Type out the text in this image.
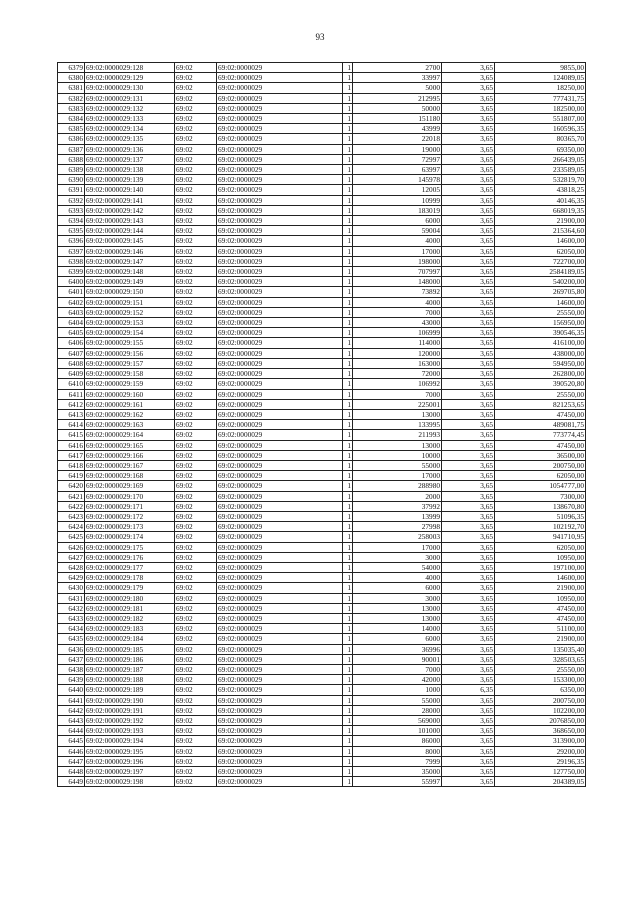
93
6379	69:02:0000029:128	69:02	69:02:0000029	1	2700	3,65	9855,00
6380	69:02:0000029:129	69:02	69:02:0000029	1	33997	3,65	124089,05
6381	69:02:0000029:130	69:02	69:02:0000029	1	5000	3,65	18250,00
6382	69:02:0000029:131	69:02	69:02:0000029	1	212995	3,65	777431,75
6383	69:02:0000029:132	69:02	69:02:0000029	1	50000	3,65	182500,00
6384	69:02:0000029:133	69:02	69:02:0000029	1	151180	3,65	551807,00
6385	69:02:0000029:134	69:02	69:02:0000029	1	43999	3,65	160596,35
6386	69:02:0000029:135	69:02	69:02:0000029	1	22018	3,65	80365,70
6387	69:02:0000029:136	69:02	69:02:0000029	1	19000	3,65	69350,00
6388	69:02:0000029:137	69:02	69:02:0000029	1	72997	3,65	266439,05
6389	69:02:0000029:138	69:02	69:02:0000029	1	63997	3,65	233589,05
6390	69:02:0000029:139	69:02	69:02:0000029	1	145978	3,65	532819,70
6391	69:02:0000029:140	69:02	69:02:0000029	1	12005	3,65	43818,25
6392	69:02:0000029:141	69:02	69:02:0000029	1	10999	3,65	40146,35
6393	69:02:0000029:142	69:02	69:02:0000029	1	183019	3,65	668019,35
6394	69:02:0000029:143	69:02	69:02:0000029	1	6000	3,65	21900,00
6395	69:02:0000029:144	69:02	69:02:0000029	1	59004	3,65	215364,60
6396	69:02:0000029:145	69:02	69:02:0000029	1	4000	3,65	14600,00
6397	69:02:0000029:146	69:02	69:02:0000029	1	17000	3,65	62050,00
6398	69:02:0000029:147	69:02	69:02:0000029	1	198000	3,65	722700,00
6399	69:02:0000029:148	69:02	69:02:0000029	1	707997	3,65	2584189,05
6400	69:02:0000029:149	69:02	69:02:0000029	1	148000	3,65	540200,00
6401	69:02:0000029:150	69:02	69:02:0000029	1	73892	3,65	269705,80
6402	69:02:0000029:151	69:02	69:02:0000029	1	4000	3,65	14600,00
6403	69:02:0000029:152	69:02	69:02:0000029	1	7000	3,65	25550,00
6404	69:02:0000029:153	69:02	69:02:0000029	1	43000	3,65	156950,00
6405	69:02:0000029:154	69:02	69:02:0000029	1	106999	3,65	390546,35
6406	69:02:0000029:155	69:02	69:02:0000029	1	114000	3,65	416100,00
6407	69:02:0000029:156	69:02	69:02:0000029	1	120000	3,65	438000,00
6408	69:02:0000029:157	69:02	69:02:0000029	1	163000	3,65	594950,00
6409	69:02:0000029:158	69:02	69:02:0000029	1	72000	3,65	262800,00
6410	69:02:0000029:159	69:02	69:02:0000029	1	106992	3,65	390520,80
6411	69:02:0000029:160	69:02	69:02:0000029	1	7000	3,65	25550,00
6412	69:02:0000029:161	69:02	69:02:0000029	1	225001	3,65	821253,65
6413	69:02:0000029:162	69:02	69:02:0000029	1	13000	3,65	47450,00
6414	69:02:0000029:163	69:02	69:02:0000029	1	133995	3,65	489081,75
6415	69:02:0000029:164	69:02	69:02:0000029	1	211993	3,65	773774,45
6416	69:02:0000029:165	69:02	69:02:0000029	1	13000	3,65	47450,00
6417	69:02:0000029:166	69:02	69:02:0000029	1	10000	3,65	36500,00
6418	69:02:0000029:167	69:02	69:02:0000029	1	55000	3,65	200750,00
6419	69:02:0000029:168	69:02	69:02:0000029	1	17000	3,65	62050,00
6420	69:02:0000029:169	69:02	69:02:0000029	1	288980	3,65	1054777,00
6421	69:02:0000029:170	69:02	69:02:0000029	1	2000	3,65	7300,00
6422	69:02:0000029:171	69:02	69:02:0000029	1	37992	3,65	138670,80
6423	69:02:0000029:172	69:02	69:02:0000029	1	13999	3,65	51096,35
6424	69:02:0000029:173	69:02	69:02:0000029	1	27998	3,65	102192,70
6425	69:02:0000029:174	69:02	69:02:0000029	1	258003	3,65	941710,95
6426	69:02:0000029:175	69:02	69:02:0000029	1	17000	3,65	62050,00
6427	69:02:0000029:176	69:02	69:02:0000029	1	3000	3,65	10950,00
6428	69:02:0000029:177	69:02	69:02:0000029	1	54000	3,65	197100,00
6429	69:02:0000029:178	69:02	69:02:0000029	1	4000	3,65	14600,00
6430	69:02:0000029:179	69:02	69:02:0000029	1	6000	3,65	21900,00
6431	69:02:0000029:180	69:02	69:02:0000029	1	3000	3,65	10950,00
6432	69:02:0000029:181	69:02	69:02:0000029	1	13000	3,65	47450,00
6433	69:02:0000029:182	69:02	69:02:0000029	1	13000	3,65	47450,00
6434	69:02:0000029:183	69:02	69:02:0000029	1	14000	3,65	51100,00
6435	69:02:0000029:184	69:02	69:02:0000029	1	6000	3,65	21900,00
6436	69:02:0000029:185	69:02	69:02:0000029	1	36996	3,65	135035,40
6437	69:02:0000029:186	69:02	69:02:0000029	1	90001	3,65	328503,65
6438	69:02:0000029:187	69:02	69:02:0000029	1	7000	3,65	25550,00
6439	69:02:0000029:188	69:02	69:02:0000029	1	42000	3,65	153300,00
6440	69:02:0000029:189	69:02	69:02:0000029	1	1000	6,35	6350,00
6441	69:02:0000029:190	69:02	69:02:0000029	1	55000	3,65	200750,00
6442	69:02:0000029:191	69:02	69:02:0000029	1	28000	3,65	102200,00
6443	69:02:0000029:192	69:02	69:02:0000029	1	569000	3,65	2076850,00
6444	69:02:0000029:193	69:02	69:02:0000029	1	101000	3,65	368650,00
6445	69:02:0000029:194	69:02	69:02:0000029	1	86000	3,65	313900,00
6446	69:02:0000029:195	69:02	69:02:0000029	1	8000	3,65	29200,00
6447	69:02:0000029:196	69:02	69:02:0000029	1	7999	3,65	29196,35
6448	69:02:0000029:197	69:02	69:02:0000029	1	35000	3,65	127750,00
6449	69:02:0000029:198	69:02	69:02:0000029	1	55997	3,65	204389,05
